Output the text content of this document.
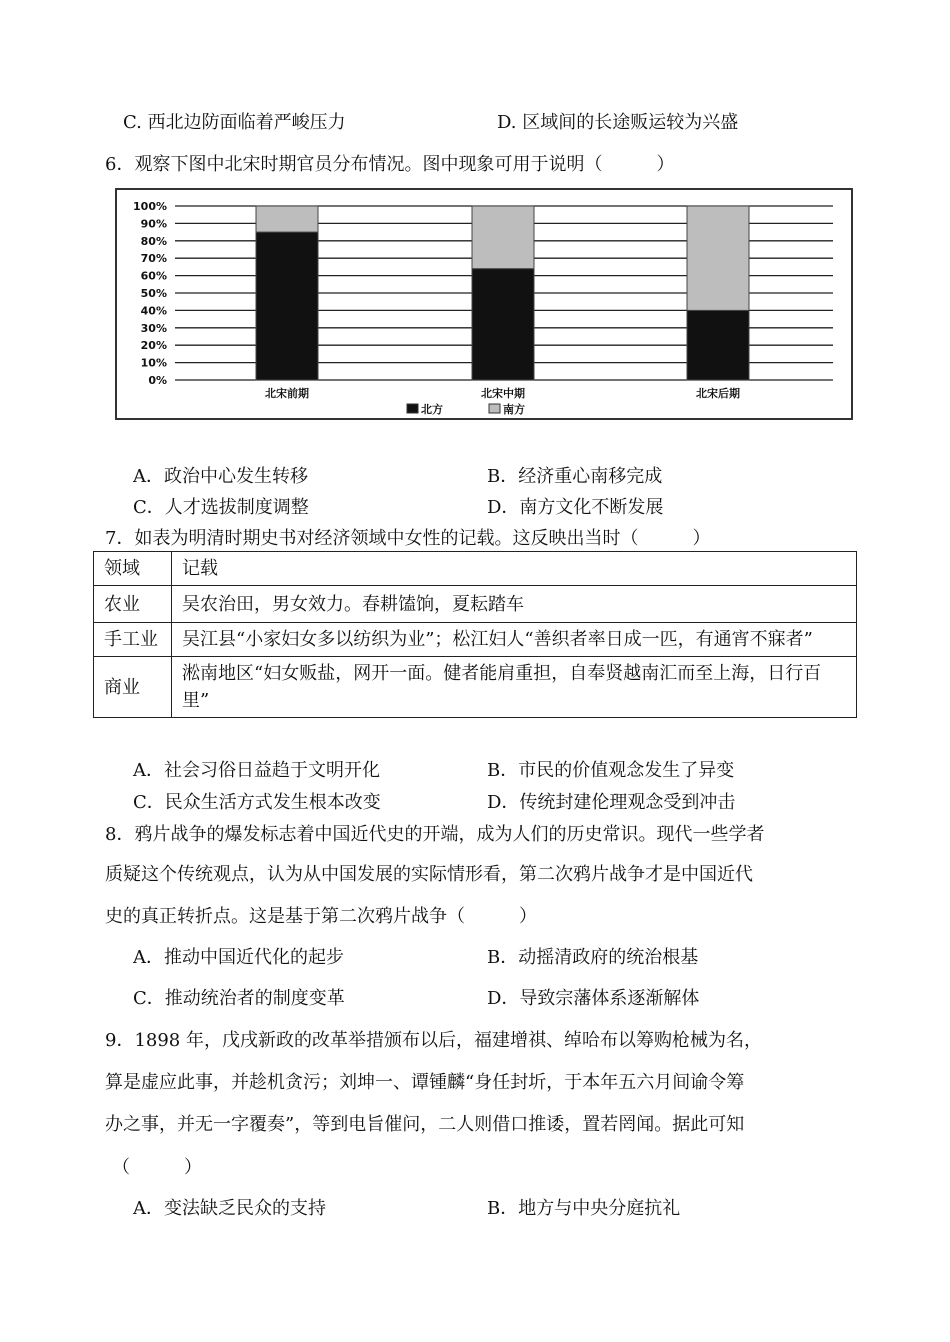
C. 西北边防面临着严峻压力	D. 区域间的长途贩运较为兴盛
6．观察下图中北宋时期官员分布情况。图中现象可用于说明（　　　）
0%
10%
20%
30%
40%
50%
60%
70%
80%
90%
100%
北宋前期	北宋中期	北宋后期
北方	南方
A．政治中心发生转移	B．经济重心南移完成
C．人才选拔制度调整	D．南方文化不断发展
7．如表为明清时期史书对经济领域中女性的记载。这反映出当时（　　　）
领域	记载
农业	吴农治田，男女效力。春耕馌饷，夏耘踏车
手工业	吴江县“小家妇女多以纺织为业”；松江妇人“善织者率日成一匹，有通宵不寐者”
商业	淞南地区“妇女贩盐，网开一面。健者能肩重担，自奉贤越南汇而至上海，日行百里”
A．社会习俗日益趋于文明开化	B．市民的价值观念发生了异变
C．民众生活方式发生根本改变	D．传统封建伦理观念受到冲击
8．鸦片战争的爆发标志着中国近代史的开端，成为人们的历史常识。现代一些学者
质疑这个传统观点，认为从中国发展的实际情形看，第二次鸦片战争才是中国近代
史的真正转折点。这是基于第二次鸦片战争（　　　）
A．推动中国近代化的起步	B．动摇清政府的统治根基
C．推动统治者的制度变革	D．导致宗藩体系逐渐解体
9．1898 年，戊戌新政的改革举措颁布以后，福建增祺、绰哈布以筹购枪械为名，
算是虚应此事，并趁机贪污；刘坤一、谭锺麟“身任封圻，于本年五六月间谕令筹
办之事，并无一字覆奏”，等到电旨催问，二人则借口推诿，置若罔闻。据此可知
（　　　）
A．变法缺乏民众的支持	B．地方与中央分庭抗礼
